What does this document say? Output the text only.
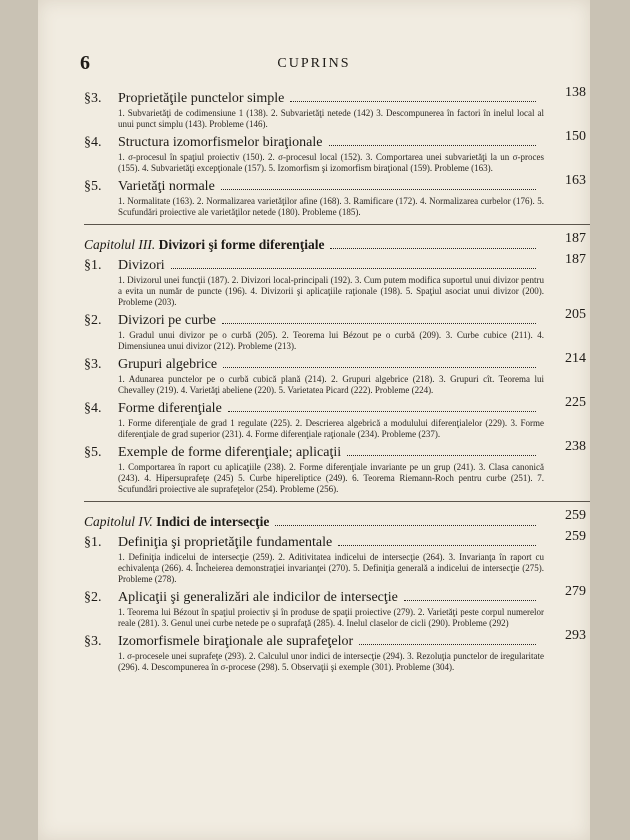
6	CUPRINS
§3. Proprietăţile punctelor simple	138
1. Subvarietăţi de codimensiune 1 (138). 2. Subvarietăţi netede (142) 3. Descompunerea în factori în inelul local al unui punct simplu (143). Probleme (146).
§4. Structura izomorfismelor biraţionale	150
1. σ-procesul în spaţiul proiectiv (150). 2. σ-procesul local (152). 3. Comportarea unei subvarietăţi la un σ-proces (155). 4. Subvarietăţi excepţionale (157). 5. Izomorfism şi izomorfism biraţional (159). Probleme (163).
§5. Varietăţi normale	163
1. Normalitate (163). 2. Normalizarea varietăţilor afine (168). 3. Ramificare (172). 4. Normalizarea curbelor (176). 5. Scufundări proiective ale varietăţilor netede (180). Probleme (185).
Capitolul III. Divizori şi forme diferenţiale	187
§1. Divizori	187
1. Divizorul unei funcţii (187). 2. Divizori local-principali (192). 3. Cum putem modifica suportul unui divizor pentru a evita un număr de puncte (196). 4. Divizorii şi aplicaţiile raţionale (198). 5. Spaţiul asociat unui divizor (200). Probleme (203).
§2. Divizori pe curbe	205
1. Gradul unui divizor pe o curbă (205). 2. Teorema lui Bézout pe o curbă (209). 3. Curbe cubice (211). 4. Dimensiunea unui divizor (212). Probleme (213).
§3. Grupuri algebrice	214
1. Adunarea punctelor pe o curbă cubică plană (214). 2. Grupuri algebrice (218). 3. Grupuri cît. Teorema lui Chevalley (219). 4. Varietăţi abeliene (220). 5. Varietatea Picard (222). Probleme (224).
§4. Forme diferenţiale	225
1. Forme diferenţiale de grad 1 regulate (225). 2. Descrierea algebrică a modulului diferenţialelor (229). 3. Forme diferenţiale de grad superior (231). 4. Forme diferenţiale raţionale (234). Probleme (237).
§5. Exemple de forme diferenţiale; aplicaţii	238
1. Comportarea în raport cu aplicaţiile (238). 2. Forme diferenţiale invariante pe un grup (241). 3. Clasa canonică (243). 4. Hipersuprafeţe (245) 5. Curbe hipereliptice (249). 6. Teorema Riemann-Roch pentru curbe (251). 7. Scufundări proiective ale suprafeţelor (254). Probleme (256).
Capitolul IV. Indici de intersecţie	259
§1. Definiţia şi proprietăţile fundamentale	259
1. Definiţia indicelui de intersecţie (259). 2. Aditivitatea indicelui de intersecţie (264). 3. Invarianţa în raport cu echivalenţa (266). 4. Încheierea demonstraţiei invarianţei (270). 5. Definiţia generală a indicelui de intersecţie (275). Probleme (278).
§2. Aplicaţii şi generalizări ale indicilor de intersecţie	279
1. Teorema lui Bézout în spaţiul proiectiv şi în produse de spaţii proiective (279). 2. Varietăţi peste corpul numerelor reale (281). 3. Genul unei curbe netede pe o suprafaţă (285). 4. Inelul claselor de cicli (290). Probleme (292)
§3. Izomorfismele biraţionale ale suprafeţelor	293
1. σ-procesele unei suprafeţe (293). 2. Calculul unor indici de intersecţie (294). 3. Rezoluţia punctelor de iregularitate (296). 4. Descompunerea în σ-procese (298). 5. Observaţii şi exemple (301). Probleme (304).
